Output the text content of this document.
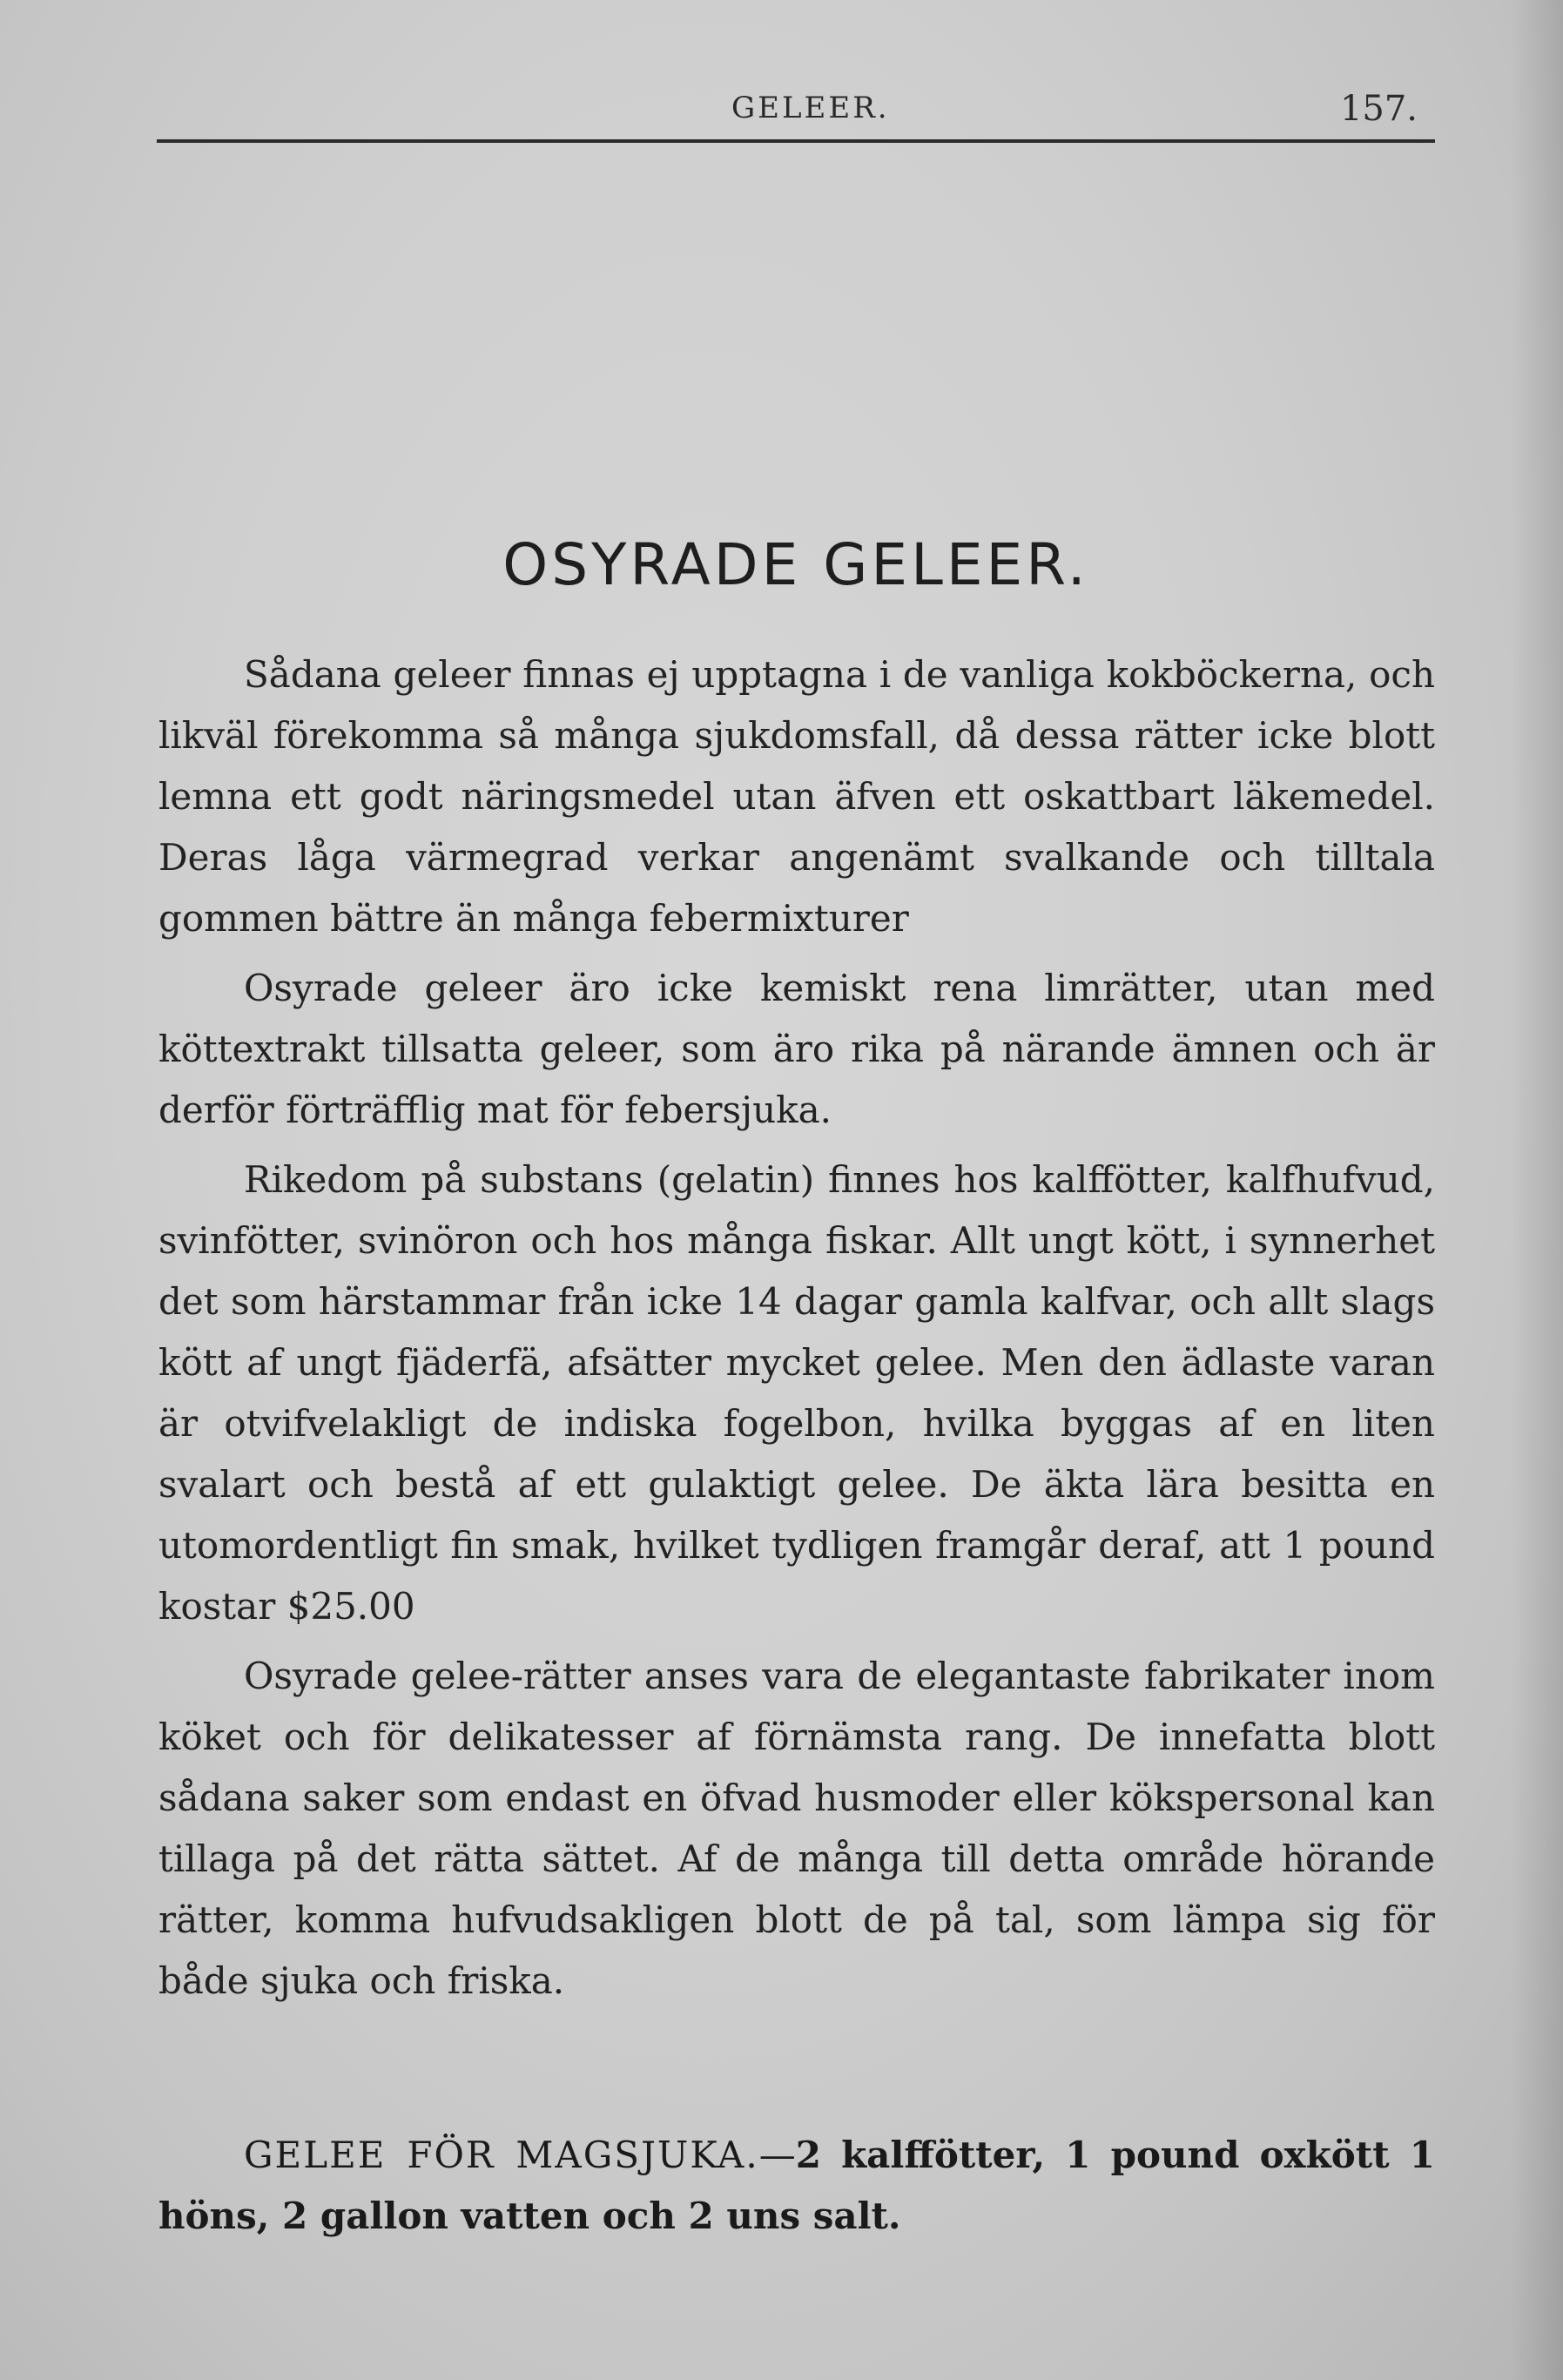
GELEER.	157.
OSYRADE GELEER.

Sådana geleer finnas ej upptagna i de vanliga kokböckerna, och likväl förekomma så många sjukdomsfall, då dessa rätter icke blott lemna ett godt näringsmedel utan äfven ett oskattbart läkemedel. Deras låga värmegrad verkar angenämt svalkande och tilltala gommen bättre än många febermixturer

Osyrade geleer äro icke kemiskt rena limrätter, utan med köttextrakt tillsatta geleer, som äro rika på närande ämnen och är derför förträfflig mat för febersjuka.

Rikedom på substans (gelatin) finnes hos kalffötter, kalfhufvud, svinfötter, svinöron och hos många fiskar. Allt ungt kött, i synnerhet det som härstammar från icke 14 dagar gamla kalfvar, och allt slags kött af ungt fjäderfä, afsätter mycket gelee. Men den ädlaste varan är otvifvelakligt de indiska fogelbon, hvilka byggas af en liten svalart och bestå af ett gulaktigt gelee. De äkta lära besitta en utomordentligt fin smak, hvilket tydligen framgår deraf, att 1 pound kostar $25.00

Osyrade gelee-rätter anses vara de elegantaste fabrikater inom köket och för delikatesser af förnämsta rang. De innefatta blott sådana saker som endast en öfvad husmoder eller kökspersonal kan tillaga på det rätta sättet. Af de många till detta område hörande rätter, komma hufvudsakligen blott de på tal, som lämpa sig för både sjuka och friska.

GELEE FÖR MAGSJUKA.—2 kalffötter, 1 pound oxkött 1 höns, 2 gallon vatten och 2 uns salt.
